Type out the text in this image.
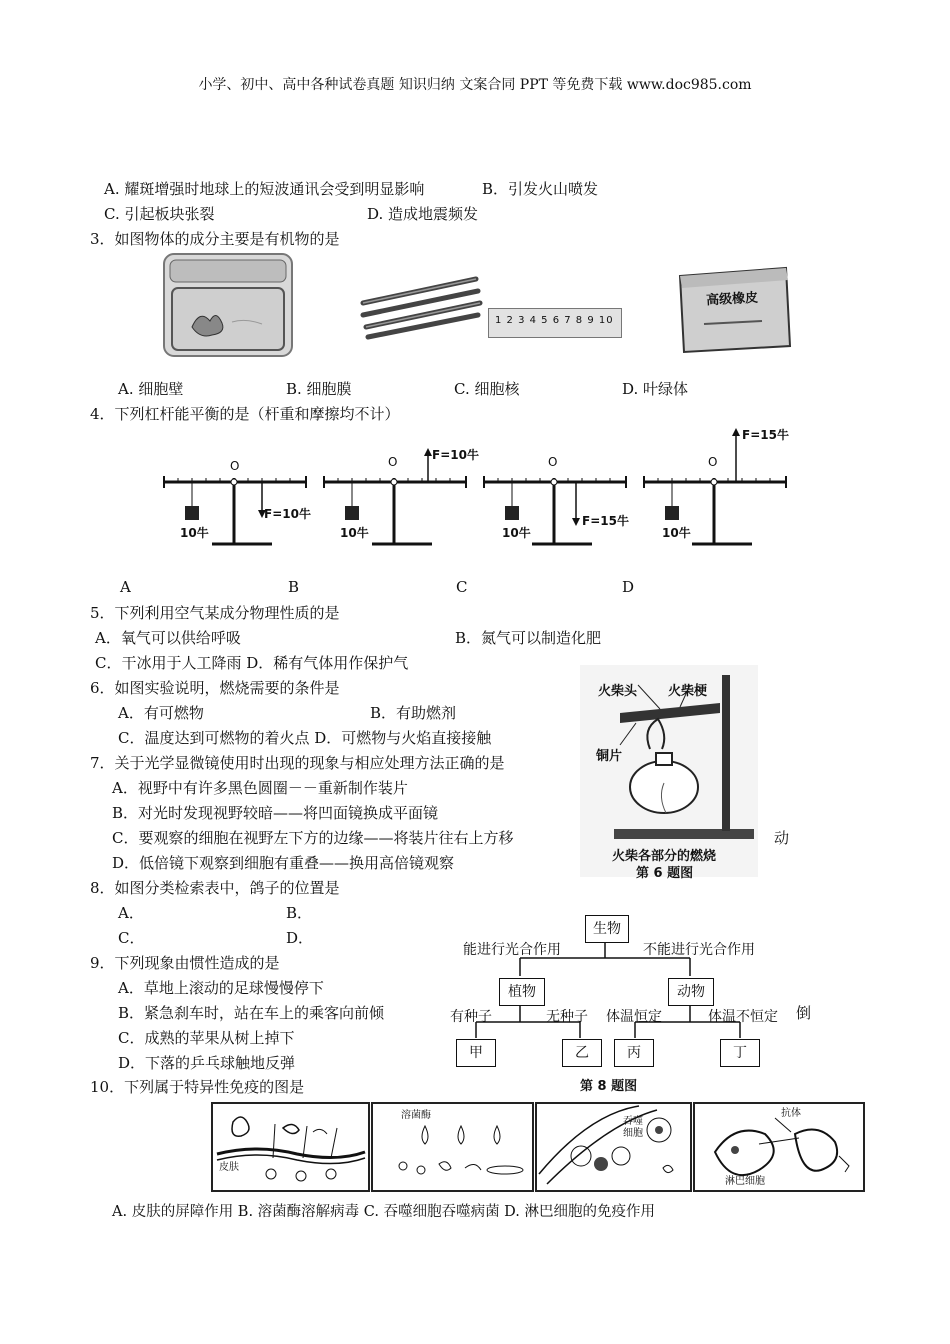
小学、初中、高中各种试卷真题 知识归纳 文案合同 PPT 等免费下载 www.doc985.com
A. 耀斑增强时地球上的短波通讯会受到明显影响	B．引发火山喷发
C. 引起板块张裂	D. 造成地震频发
3．如图物体的成分主要是有机物的是
1 2 3 4 5 6 7 8 9 10
高级橡皮
A. 细胞壁	B. 细胞膜	C. 细胞核	D. 叶绿体
4．下列杠杆能平衡的是（杆重和摩擦均不计）
O
10牛
F=10牛
O
10牛
F=10牛	O
10牛
F=15牛
O
10牛
F=15牛
A	B	C	D
5．下列利用空气某成分物理性质的是
A．氧气可以供给呼吸	B．氮气可以制造化肥
C．干冰用于人工降雨 D．稀有气体用作保护气
6．如图实验说明，燃烧需要的条件是
A．有可燃物	B．有助燃剂
C．温度达到可燃物的着火点 D．可燃物与火焰直接接触
火柴头 火柴梗
铜片
火柴各部分的燃烧
第 6 题图
7．关于光学显微镜使用时出现的现象与相应处理方法正确的是
A．视野中有许多黑色圆圈－－重新制作装片
B．对光时发现视野较暗——将凹面镜换成平面镜
C．要观察的细胞在视野左下方的边缘——将装片往右上方移	动
D．低倍镜下观察到细胞有重叠——换用高倍镜观察
8．如图分类检索表中，鸽子的位置是
A．	B．
C．	D．	生物
能进行光合作用	不能进行光合作用
植物	动物
有种子	无种子 体温恒定	体温不恒定
甲	乙	丙	丁
第 8 题图
9．下列现象由惯性造成的是
A．草地上滚动的足球慢慢停下
B．紧急刹车时，站在车上的乘客向前倾	倒
C．成熟的苹果从树上掉下
D．下落的乒乓球触地反弹
10．下列属于特异性免疫的图是
皮肤
溶菌酶
吞噬
细胞
抗体
淋巴细胞
A. 皮肤的屏障作用 B. 溶菌酶溶解病毒 C. 吞噬细胞吞噬病菌 D. 淋巴细胞的免疫作用
